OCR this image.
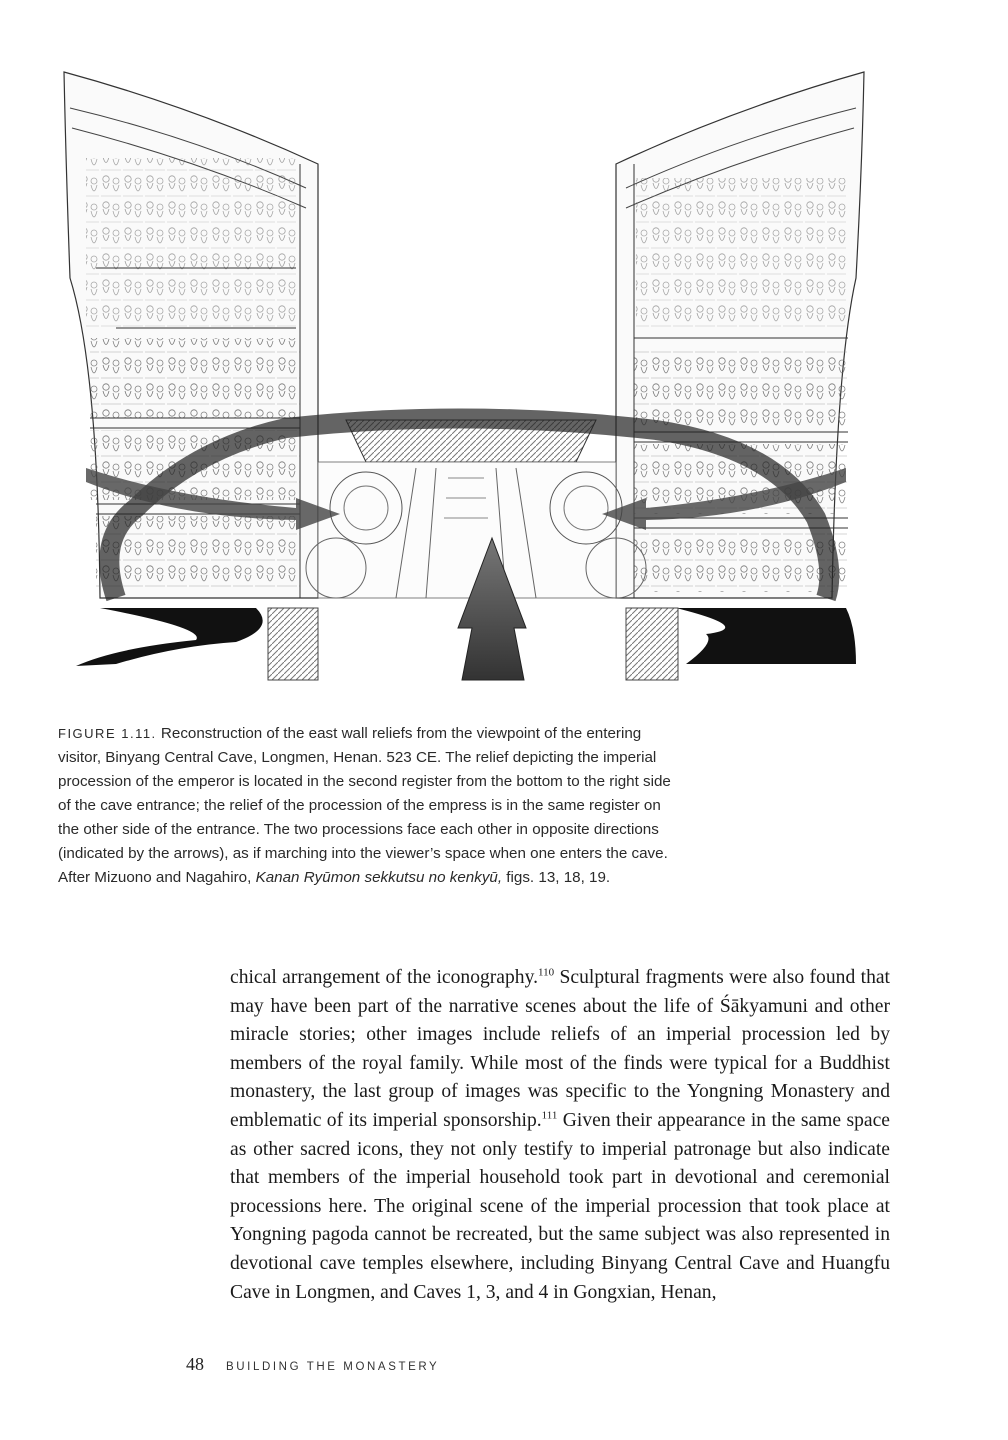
FIGURE 1.11. Reconstruction of the east wall reliefs from the viewpoint of the entering visitor, Binyang Central Cave, Longmen, Henan. 523 CE. The relief depicting the imperial procession of the emperor is located in the second register from the bottom to the right side of the cave entrance; the relief of the procession of the empress is in the same register on the other side of the entrance. The two processions face each other in opposite directions (indicated by the arrows), as if marching into the viewer’s space when one enters the cave. After Mizuono and Nagahiro, Kanan Ryūmon sekkutsu no kenkyū, figs. 13, 18, 19.

chical arrangement of the iconography.$^{110}$ Sculptural fragments were also found that may have been part of the narrative scenes about the life of Śākyamuni and other miracle stories; other images include reliefs of an imperial procession led by members of the royal family. While most of the finds were typical for a Buddhist monastery, the last group of images was specific to the Yongning Monastery and emblematic of its imperial sponsorship.$^{111}$ Given their appearance in the same space as other sacred icons, they not only testify to imperial patronage but also indicate that members of the imperial household took part in devotional and ceremonial processions here. The original scene of the imperial procession that took place at Yongning pagoda cannot be recreated, but the same subject was also represented in devotional cave temples elsewhere, including Binyang Central Cave and Huangfu Cave in Longmen, and Caves 1, 3, and 4 in Gongxian, Henan,

48 BUILDING THE MONASTERY
